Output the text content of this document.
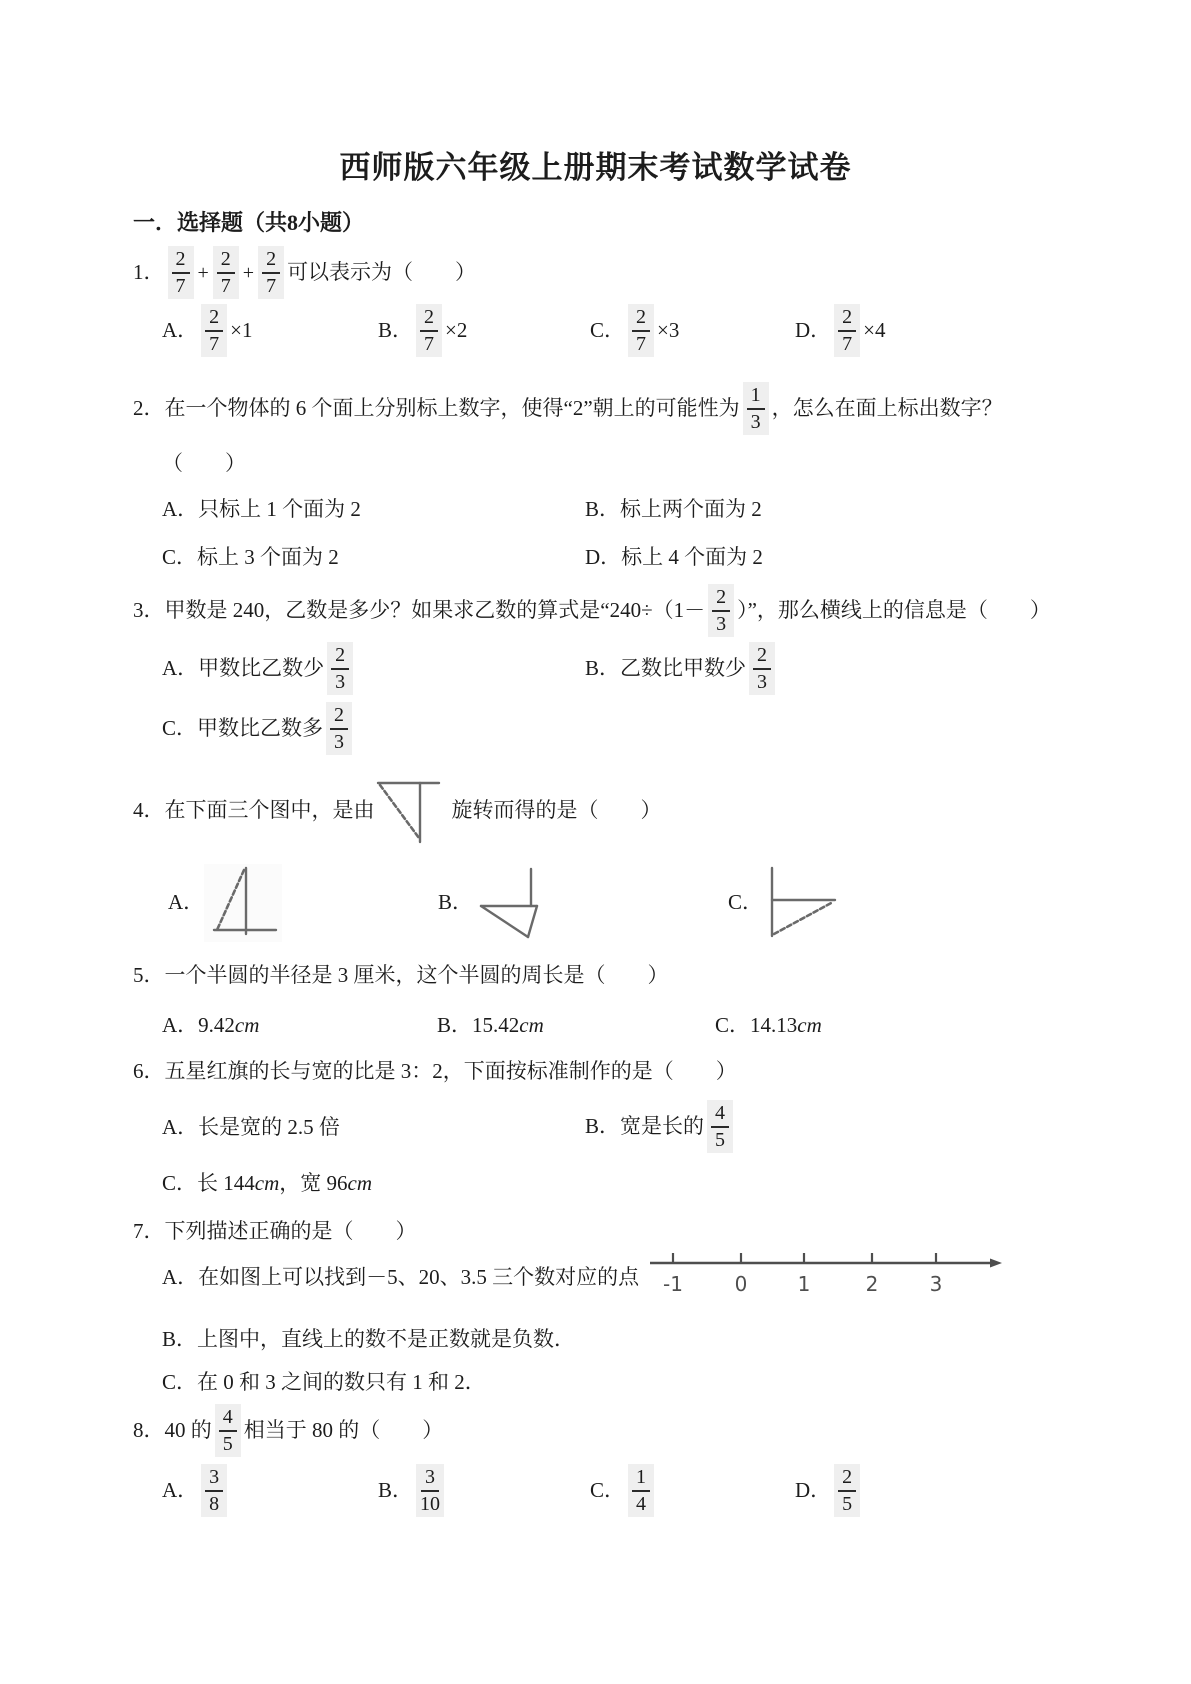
西师版六年级上册期末考试数学试卷
一．选择题（共8小题）
1． $\frac{2}{7} + \frac{2}{7} + \frac{2}{7}$ 可以表示为（　　）
A． $\frac{2}{7} \times 1$	B． $\frac{2}{7} \times 2$	C． $\frac{2}{7} \times 3$	D． $\frac{2}{7} \times 4$
2． 在一个物体的 6 个面上分别标上数字，使得“2”朝上的可能性为 $\frac{1}{3}$ ，怎么在面上标出数字？
（　　）
A．只标上 1 个面为 2	B．标上两个面为 2
C．标上 3 个面为 2	D．标上 4 个面为 2
3． 甲数是 240，乙数是多少？如果求乙数的算式是“$240\div(1- \frac{2}{3}$ ）”，那么横线上的信息是（　　）
A．甲数比乙数少 $\frac{2}{3}$	B．乙数比甲数少 $\frac{2}{3}$
C．甲数比乙数多 $\frac{2}{3}$
4． 在下面三个图中，是由	旋转而得的是（　　）
A．	B．	C．
5． 一个半圆的半径是 3 厘米，这个半圆的周长是（　　）
A． 9.42 cm	B． 15.42 cm	C． 14.13 cm
6． 五星红旗的长与宽的比是 3：2，下面按标准制作的是（　　）
A．长是宽的 2.5 倍	B．宽是长的 $\frac{4}{5}$
C．长 144 cm ，宽 96 cm
7． 下列描述正确的是（　　）
A．在如图上可以找到－5、20、3.5 三个数对应的点 -1	0	1	2	3
B．上图中，直线上的数不是正数就是负数．
C．在 0 和 3 之间的数只有 1 和 2．
8． 40 的 $\frac{4}{5}$ 相当于 80 的（　　）
A． $\frac{3}{8}$	B． $\frac{3}{10}$	C． $\frac{1}{4}$	D． $\frac{2}{5}$
